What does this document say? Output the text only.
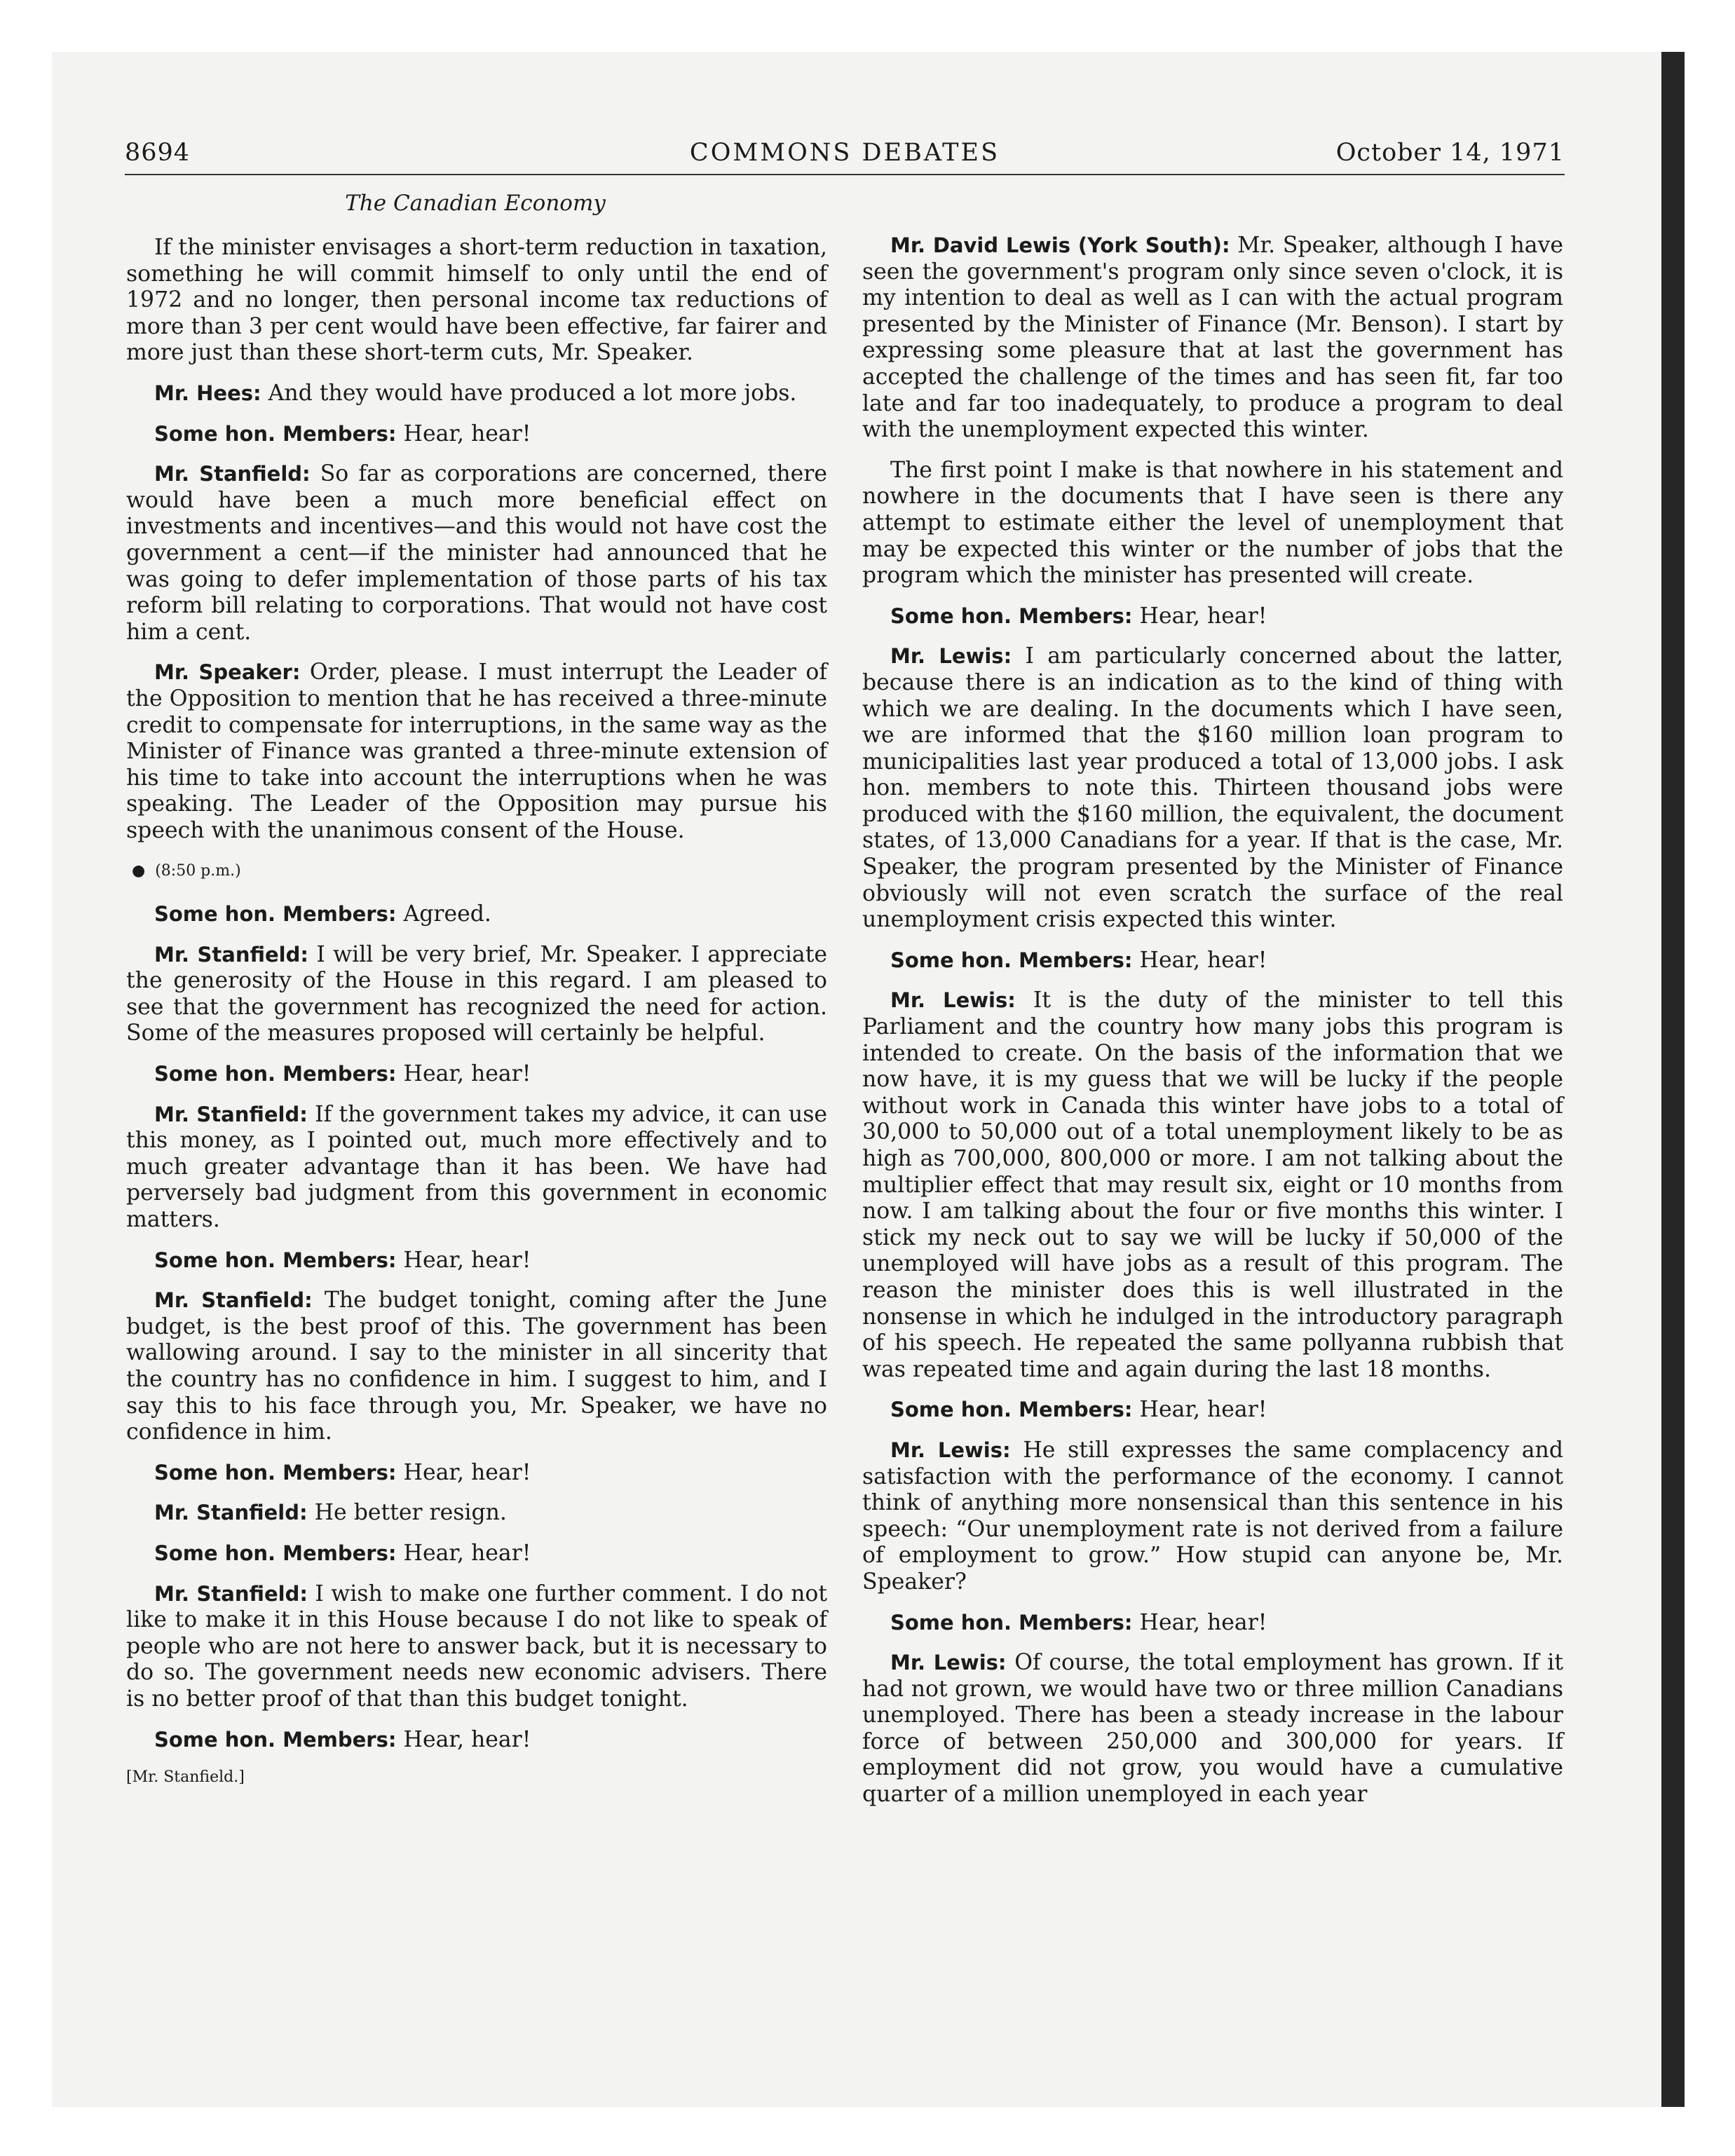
8694	COMMONS DEBATES	October 14, 1971
The Canadian Economy

If the minister envisages a short-term reduction in taxation, something he will commit himself to only until the end of 1972 and no longer, then personal income tax reductions of more than 3 per cent would have been effective, far fairer and more just than these short-term cuts, Mr. Speaker.

Mr. Hees: And they would have produced a lot more jobs.

Some hon. Members: Hear, hear!

Mr. Stanfield: So far as corporations are concerned, there would have been a much more beneficial effect on investments and incentives—and this would not have cost the government a cent—if the minister had announced that he was going to defer implementation of those parts of his tax reform bill relating to corporations. That would not have cost him a cent.

Mr. Speaker: Order, please. I must interrupt the Leader of the Opposition to mention that he has received a three-minute credit to compensate for interruptions, in the same way as the Minister of Finance was granted a three-minute extension of his time to take into account the interruptions when he was speaking. The Leader of the Opposition may pursue his speech with the unanimous consent of the House.

● (8:50 p.m.)

Some hon. Members: Agreed.

Mr. Stanfield: I will be very brief, Mr. Speaker. I appreciate the generosity of the House in this regard. I am pleased to see that the government has recognized the need for action. Some of the measures proposed will certainly be helpful.

Some hon. Members: Hear, hear!

Mr. Stanfield: If the government takes my advice, it can use this money, as I pointed out, much more effectively and to much greater advantage than it has been. We have had perversely bad judgment from this government in economic matters.

Some hon. Members: Hear, hear!

Mr. Stanfield: The budget tonight, coming after the June budget, is the best proof of this. The government has been wallowing around. I say to the minister in all sincerity that the country has no confidence in him. I suggest to him, and I say this to his face through you, Mr. Speaker, we have no confidence in him.

Some hon. Members: Hear, hear!

Mr. Stanfield: He better resign.

Some hon. Members: Hear, hear!

Mr. Stanfield: I wish to make one further comment. I do not like to make it in this House because I do not like to speak of people who are not here to answer back, but it is necessary to do so. The government needs new economic advisers. There is no better proof of that than this budget tonight.

Some hon. Members: Hear, hear!

[Mr. Stanfield.]

Mr. David Lewis (York South): Mr. Speaker, although I have seen the government's program only since seven o'clock, it is my intention to deal as well as I can with the actual program presented by the Minister of Finance (Mr. Benson). I start by expressing some pleasure that at last the government has accepted the challenge of the times and has seen fit, far too late and far too inadequately, to produce a program to deal with the unemployment expected this winter.

The first point I make is that nowhere in his statement and nowhere in the documents that I have seen is there any attempt to estimate either the level of unemployment that may be expected this winter or the number of jobs that the program which the minister has presented will create.

Some hon. Members: Hear, hear!

Mr. Lewis: I am particularly concerned about the latter, because there is an indication as to the kind of thing with which we are dealing. In the documents which I have seen, we are informed that the $160 million loan program to municipalities last year produced a total of 13,000 jobs. I ask hon. members to note this. Thirteen thousand jobs were produced with the $160 million, the equivalent, the document states, of 13,000 Canadians for a year. If that is the case, Mr. Speaker, the program presented by the Minister of Finance obviously will not even scratch the surface of the real unemployment crisis expected this winter.

Some hon. Members: Hear, hear!

Mr. Lewis: It is the duty of the minister to tell this Parliament and the country how many jobs this program is intended to create. On the basis of the information that we now have, it is my guess that we will be lucky if the people without work in Canada this winter have jobs to a total of 30,000 to 50,000 out of a total unemployment likely to be as high as 700,000, 800,000 or more. I am not talking about the multiplier effect that may result six, eight or 10 months from now. I am talking about the four or five months this winter. I stick my neck out to say we will be lucky if 50,000 of the unemployed will have jobs as a result of this program. The reason the minister does this is well illustrated in the nonsense in which he indulged in the introductory paragraph of his speech. He repeated the same pollyanna rubbish that was repeated time and again during the last 18 months.

Some hon. Members: Hear, hear!

Mr. Lewis: He still expresses the same complacency and satisfaction with the performance of the economy. I cannot think of anything more nonsensical than this sentence in his speech: “Our unemployment rate is not derived from a failure of employment to grow.” How stupid can anyone be, Mr. Speaker?

Some hon. Members: Hear, hear!

Mr. Lewis: Of course, the total employment has grown. If it had not grown, we would have two or three million Canadians unemployed. There has been a steady increase in the labour force of between 250,000 and 300,000 for years. If employment did not grow, you would have a cumulative quarter of a million unemployed in each year
